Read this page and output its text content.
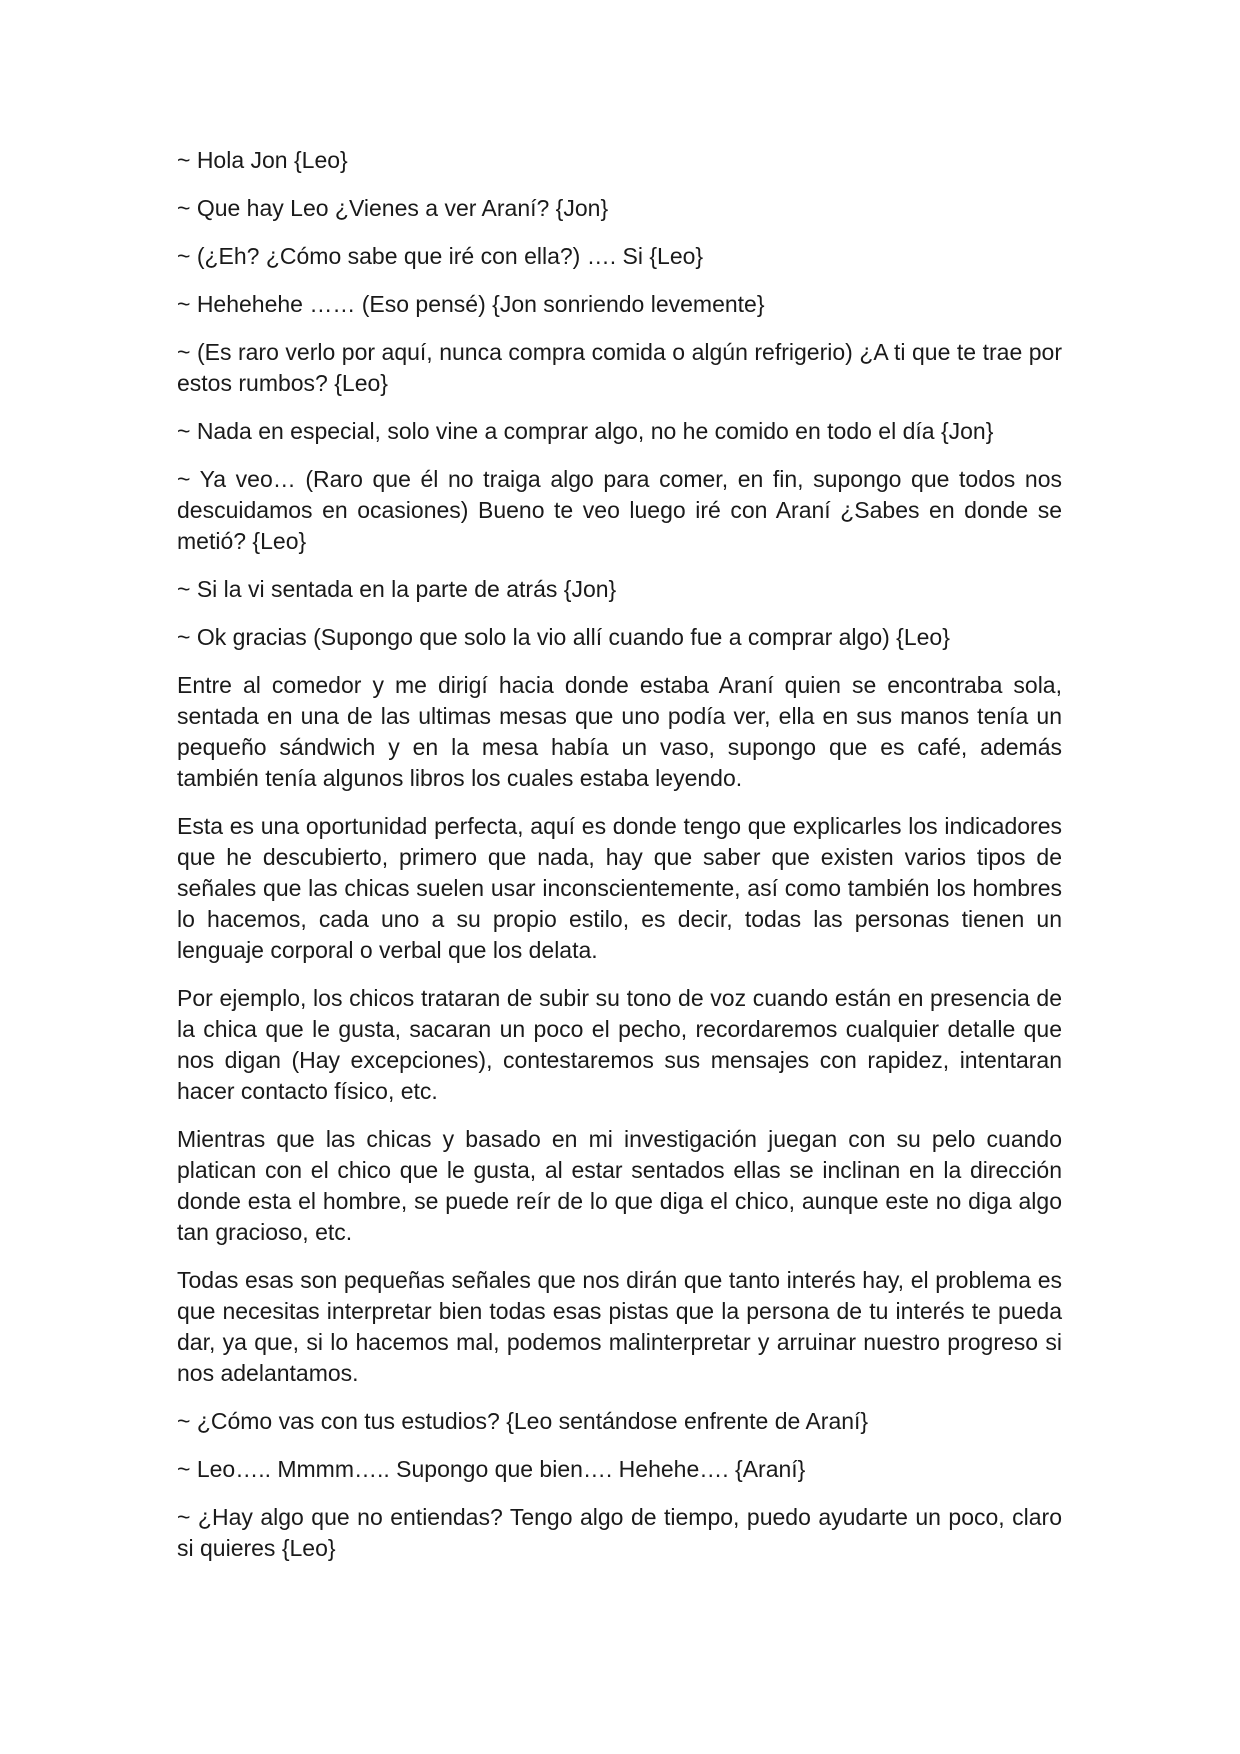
~ Hola Jon {Leo}

~ Que hay Leo ¿Vienes a ver Araní? {Jon}

~ (¿Eh? ¿Cómo sabe que iré con ella?) …. Si {Leo}

~ Hehehehe …… (Eso pensé) {Jon sonriendo levemente}

~ (Es raro verlo por aquí, nunca compra comida o algún refrigerio) ¿A ti que te trae por estos rumbos? {Leo}

~ Nada en especial, solo vine a comprar algo, no he comido en todo el día {Jon}

~ Ya veo… (Raro que él no traiga algo para comer, en fin, supongo que todos nos descuidamos en ocasiones) Bueno te veo luego iré con Araní ¿Sabes en donde se metió? {Leo}

~ Si la vi sentada en la parte de atrás {Jon}

~ Ok gracias (Supongo que solo la vio allí cuando fue a comprar algo) {Leo}

Entre al comedor y me dirigí hacia donde estaba Araní quien se encontraba sola, sentada en una de las ultimas mesas que uno podía ver, ella en sus manos tenía un pequeño sándwich y en la mesa había un vaso, supongo que es café, además también tenía algunos libros los cuales estaba leyendo.

Esta es una oportunidad perfecta, aquí es donde tengo que explicarles los indicadores que he descubierto, primero que nada, hay que saber que existen varios tipos de señales que las chicas suelen usar inconscientemente, así como también los hombres lo hacemos, cada uno a su propio estilo, es decir, todas las personas tienen un lenguaje corporal o verbal que los delata.

Por ejemplo, los chicos trataran de subir su tono de voz cuando están en presencia de la chica que le gusta, sacaran un poco el pecho, recordaremos cualquier detalle que nos digan (Hay excepciones), contestaremos sus mensajes con rapidez, intentaran hacer contacto físico, etc.

Mientras que las chicas y basado en mi investigación juegan con su pelo cuando platican con el chico que le gusta, al estar sentados ellas se inclinan en la dirección donde esta el hombre, se puede reír de lo que diga el chico, aunque este no diga algo tan gracioso, etc.

Todas esas son pequeñas señales que nos dirán que tanto interés hay, el problema es que necesitas interpretar bien todas esas pistas que la persona de tu interés te pueda dar, ya que, si lo hacemos mal, podemos malinterpretar y arruinar nuestro progreso si nos adelantamos.

~ ¿Cómo vas con tus estudios? {Leo sentándose enfrente de Araní}

~ Leo….. Mmmm….. Supongo que bien…. Hehehe…. {Araní}

~ ¿Hay algo que no entiendas? Tengo algo de tiempo, puedo ayudarte un poco, claro si quieres {Leo}
